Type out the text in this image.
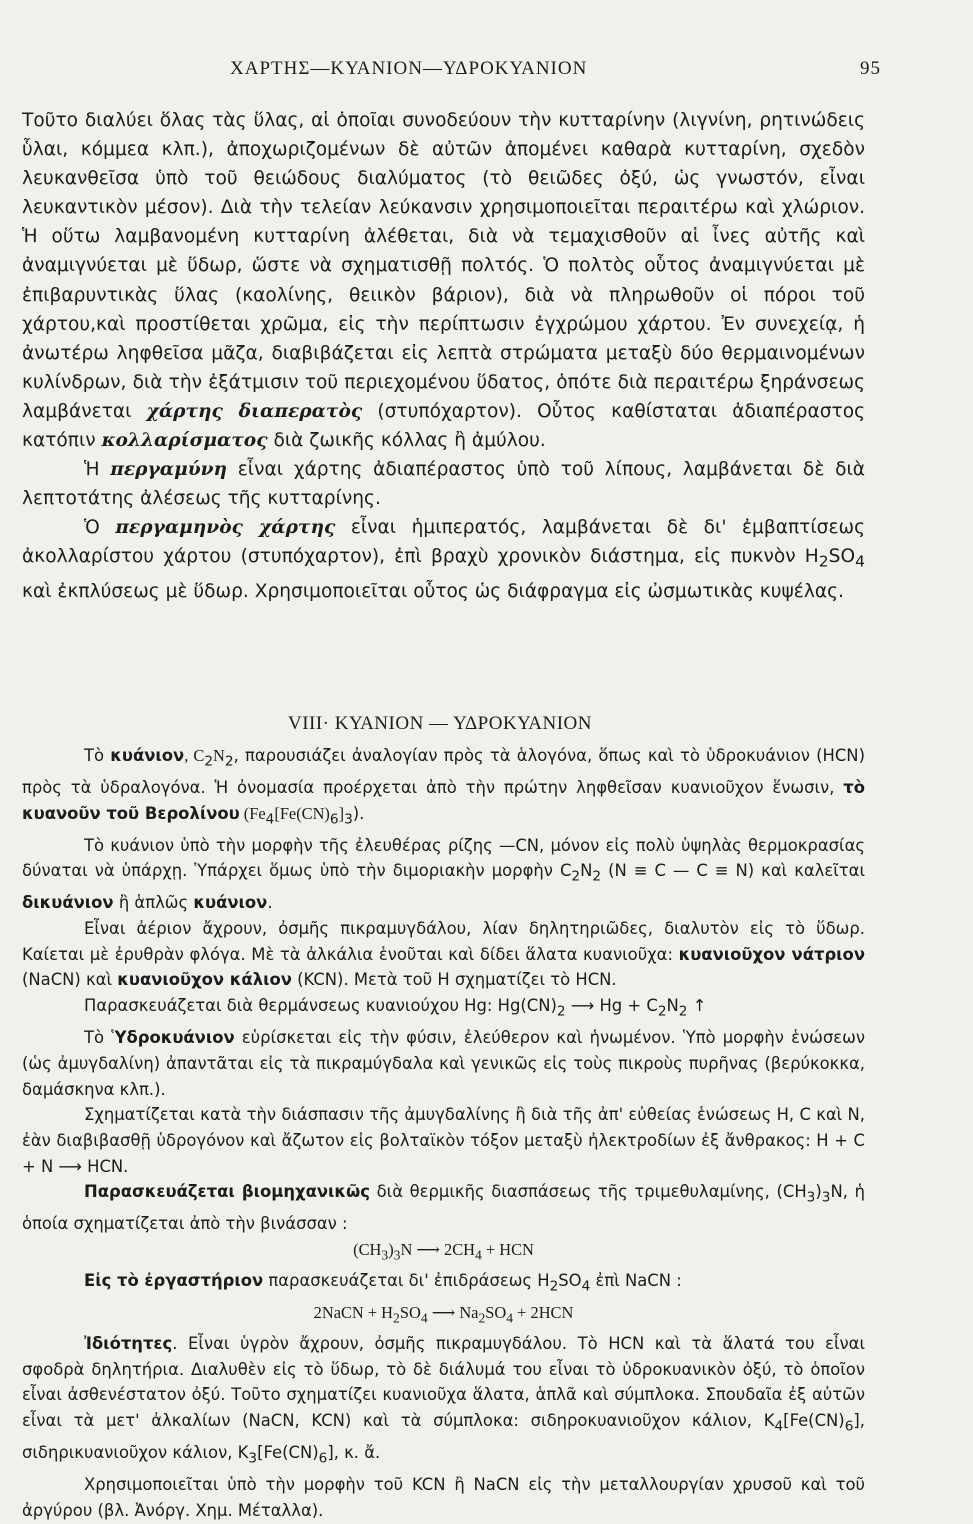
ΧΑΡΤΗΣ—ΚΥΑΝΙΟΝ—ΥΔΡΟΚΥΑΝΙΟΝ	95

Τοῦτο διαλύει ὅλας τὰς ὕλας, αἱ ὁποῖαι συνοδεύουν τὴν κυτταρίνην (λιγνίνη, ρητινώδεις ὗλαι, κόμμεα κλπ.), ἀποχωριζομένων δὲ αὐτῶν ἀπομένει καθαρὰ κυτταρίνη, σχεδὸν λευκανθεῖσα ὑπὸ τοῦ θειώδους διαλύματος (τὸ θειῶδες ὀξύ, ὡς γνωστόν, εἶναι λευκαντικὸν μέσον). Διὰ τὴν τελείαν λεύκανσιν χρησιμοποιεῖται περαιτέρω καὶ χλώριον. Ἡ οὕτω λαμβανομένη κυτταρίνη ἀλέθεται, διὰ νὰ τεμαχισθοῦν αἱ ἶνες αὐτῆς καὶ ἀναμιγνύεται μὲ ὕδωρ, ὥστε νὰ σχηματισθῇ πολτός. Ὁ πολτὸς οὗτος ἀναμιγνύεται μὲ ἐπιβαρυντικὰς ὕλας (καολίνης, θειικὸν βάριον), διὰ νὰ πληρωθοῦν οἱ πόροι τοῦ χάρτου,καὶ προστίθεται χρῶμα, εἰς τὴν περίπτωσιν ἐγχρώμου χάρτου. Ἐν συνεχείᾳ, ἡ ἀνωτέρω ληφθεῖσα μᾶζα, διαβιβάζεται εἰς λεπτὰ στρώματα μεταξὺ δύο θερμαινομένων κυλίνδρων, διὰ τὴν ἐξάτμισιν τοῦ περιεχομένου ὕδατος, ὁπότε διὰ περαιτέρω ξηράνσεως λαμβάνεται χάρτης διαπερατὸς (στυπόχαρτον). Οὗτος καθίσταται ἀδιαπέραστος κατόπιν κολλαρίσματος διὰ ζωικῆς κόλλας ἢ ἀμύλου.

Ἡ περγαμύνη εἶναι χάρτης ἀδιαπέραστος ὑπὸ τοῦ λίπους, λαμβάνεται δὲ διὰ λεπτοτάτης ἀλέσεως τῆς κυτταρίνης.

Ὁ περγαμηνὸς χάρτης εἶναι ἡμιπερατός, λαμβάνεται δὲ δι' ἐμβαπτίσεως ἀκολλαρίστου χάρτου (στυπόχαρτον), ἐπὶ βραχὺ χρονικὸν διάστημα, εἰς πυκνὸν $H_2SO_4$ καὶ ἐκπλύσεως μὲ ὕδωρ. Χρησιμοποιεῖται οὗτος ὡς διάφραγμα εἰς ὠσμωτικὰς κυψέλας.

VIII· ΚΥΑΝΙΟΝ — ΥΔΡΟΚΥΑΝΙΟΝ

Τὸ κυάνιον, $C_2N_2$, παρουσιάζει ἀναλογίαν πρὸς τὰ ἁλογόνα, ὅπως καὶ τὸ ὑδροκυάνιον (HCN) πρὸς τὰ ὑδραλογόνα. Ἡ ὀνομασία προέρχεται ἀπὸ τὴν πρώτην ληφθεῖσαν κυανιοῦχον ἕνωσιν, τὸ κυανοῦν τοῦ Βερολίνου $(Fe_4[Fe(CN)_6]_3)$.

Τὸ κυάνιον ὑπὸ τὴν μορφὴν τῆς ἐλευθέρας ρίζης —CN, μόνον εἰς πολὺ ὑψηλὰς θερμοκρασίας δύναται νὰ ὑπάρχῃ. Ὑπάρχει ὅμως ὑπὸ τὴν διμοριακὴν μορφὴν $C_2N_2$ (N ≡ C — C ≡ N) καὶ καλεῖται δικυάνιον ἢ ἁπλῶς κυάνιον.

Εἶναι ἀέριον ἄχρουν, ὀσμῆς πικραμυγδάλου, λίαν δηλητηριῶδες, διαλυτὸν εἰς τὸ ὕδωρ. Καίεται μὲ ἐρυθρὰν φλόγα. Μὲ τὰ ἀλκάλια ἑνοῦται καὶ δίδει ἅλατα κυανιοῦχα: κυανιοῦχον νάτριον (NaCN) καὶ κυανιοῦχον κάλιον (KCN). Μετὰ τοῦ H σχηματίζει τὸ HCN.

Παρασκευάζεται διὰ θερμάνσεως κυανιούχου Hg: $Hg(CN)_2$ ⟶ $Hg + C_2N_2$ ↑

Τὸ Ὑδροκυάνιον εὑρίσκεται εἰς τὴν φύσιν, ἐλεύθερον καὶ ἡνωμένον. Ὑπὸ μορφὴν ἑνώσεων (ὡς ἀμυγδαλίνη) ἀπαντᾶται εἰς τὰ πικραμύγδαλα καὶ γενικῶς εἰς τοὺς πικροὺς πυρῆνας (βερύκοκκα, δαμάσκηνα κλπ.).

Σχηματίζεται κατὰ τὴν διάσπασιν τῆς ἀμυγδαλίνης ἢ διὰ τῆς ἀπ' εὐθείας ἑνώσεως H, C καὶ N, ἐὰν διαβιβασθῇ ὑδρογόνον καὶ ἄζωτον εἰς βολταϊκὸν τόξον μεταξὺ ἠλεκτροδίων ἐξ ἄνθρακος: H + C + N ⟶ HCN.

Παρασκευάζεται βιομηχανικῶς διὰ θερμικῆς διασπάσεως τῆς τριμεθυλαμίνης, $(CH_3)_3N$, ἡ ὁποία σχηματίζεται ἀπὸ τὴν βινάσσαν :

$(CH_3)_3N$ ⟶ $2CH_4$ + HCN

Εἰς τὸ ἐργαστήριον παρασκευάζεται δι' ἐπιδράσεως $H_2SO_4$ ἐπὶ NaCN :

2NaCN + $H_2SO_4$ ⟶ $Na_2SO_4 + 2HCN$

Ἰδιότητες. Εἶναι ὑγρὸν ἄχρουν, ὀσμῆς πικραμυγδάλου. Τὸ HCN καὶ τὰ ἅλατά του εἶναι σφοδρὰ δηλητήρια. Διαλυθὲν εἰς τὸ ὕδωρ, τὸ δὲ διάλυμά του εἶναι τὸ ὑδροκυανικὸν ὀξύ, τὸ ὁποῖον εἶναι ἀσθενέστατον ὀξύ. Τοῦτο σχηματίζει κυανιοῦχα ἅλατα, ἁπλᾶ καὶ σύμπλοκα. Σπουδαῖα ἐξ αὐτῶν εἶναι τὰ μετ' ἀλκαλίων (NaCN, KCN) καὶ τὰ σύμπλοκα: σιδηροκυανιοῦχον κάλιον, $K_4[Fe(CN)_6]$, σιδηρικυανιοῦχον κάλιον, $K_3[Fe(CN)_6]$, κ. ἄ.

Χρησιμοποιεῖται ὑπὸ τὴν μορφὴν τοῦ KCN ἢ NaCN εἰς τὴν μεταλλουργίαν χρυσοῦ καὶ τοῦ ἀργύρου (βλ. Ἀνόργ. Χημ. Μέταλλα).
